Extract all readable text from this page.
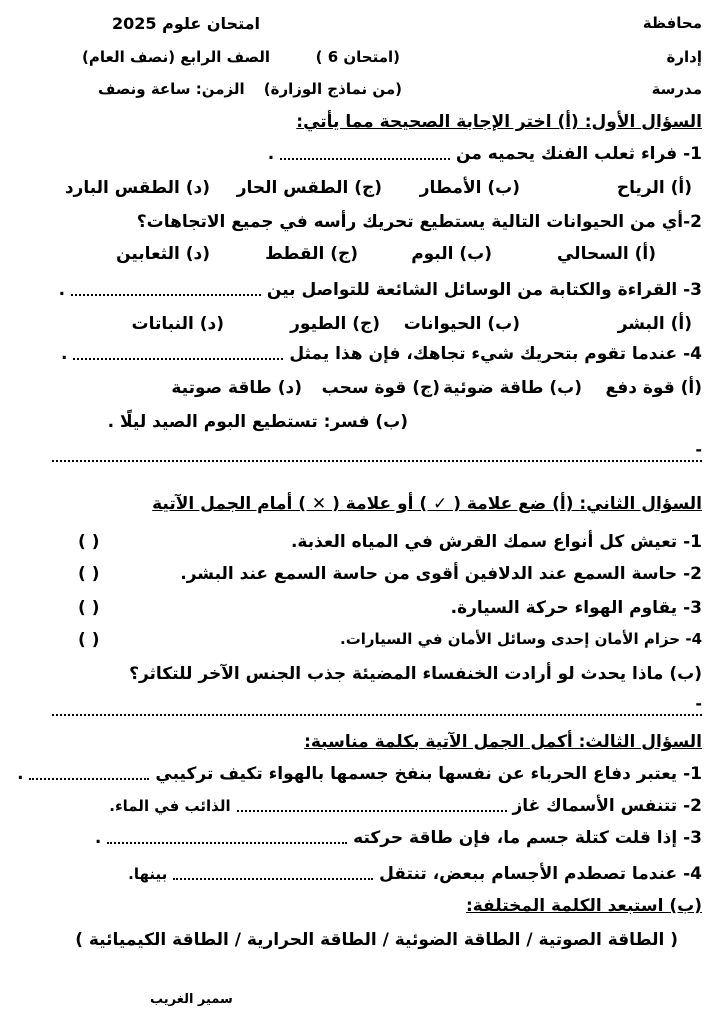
محافظة
إدارة
مدرسة
(امتحان 6 )
(من نماذج الوزارة)
امتحان علوم 2025
الصف الرابع (نصف العام)
الزمن: ساعة ونصف
السؤال الأول: (أ) اختر الإجابة الصحيحة مما يأتي:
1- فراء ثعلب الفنك يحميه من  .
(أ) الرياح
(ب) الأمطار
(ج) الطقس الحار
(د) الطقس البارد
2-أي من الحيوانات التالية يستطيع تحريك رأسه في جميع الاتجاهات؟
(أ) السحالي
(ب) البوم
(ج) القطط
(د) الثعابين
3- القراءة والكتابة من الوسائل الشائعة للتواصل بين  .
(أ) البشر
(ب) الحيوانات
(ج) الطيور
(د) النباتات
4- عندما تقوم بتحريك شيء تجاهك، فإن هذا يمثل  .
(أ) قوة دفع
(ب) طاقة ضوئية
(ج) قوة سحب
(د) طاقة صوتية
(ب) فسر: تستطيع البوم الصيد ليلًا .
-
السؤال الثاني: (أ) ضع علامة ( ✓ ) أو علامة ( ✕ ) أمام الجمل الآتية
1- تعيش كل أنواع سمك القرش في المياه العذبة.
( )
2- حاسة السمع عند الدلافين أقوى من حاسة السمع عند البشر.
( )
3- يقاوم الهواء حركة السيارة.
( )
4- حزام الأمان إحدى وسائل الأمان في السيارات.
( )
(ب) ماذا يحدث لو أرادت الخنفساء المضيئة جذب الجنس الآخر للتكاثر؟
-
السؤال الثالث: أكمل الجمل الآتية بكلمة مناسبة:
1- يعتبر دفاع الحرباء عن نفسها بنفخ جسمها بالهواء تكيف تركيبي  .
2- تتنفس الأسماك غاز  الذائب في الماء.
3- إذا قلت كتلة جسم ما، فإن طاقة حركته  .
4- عندما تصطدم الأجسام ببعض، تنتقل  بينها.
(ب) استبعد الكلمة المختلفة:
( الطاقة الصوتية / الطاقة الضوئية / الطاقة الحرارية / الطاقة الكيميائية )
سمير الغريب
